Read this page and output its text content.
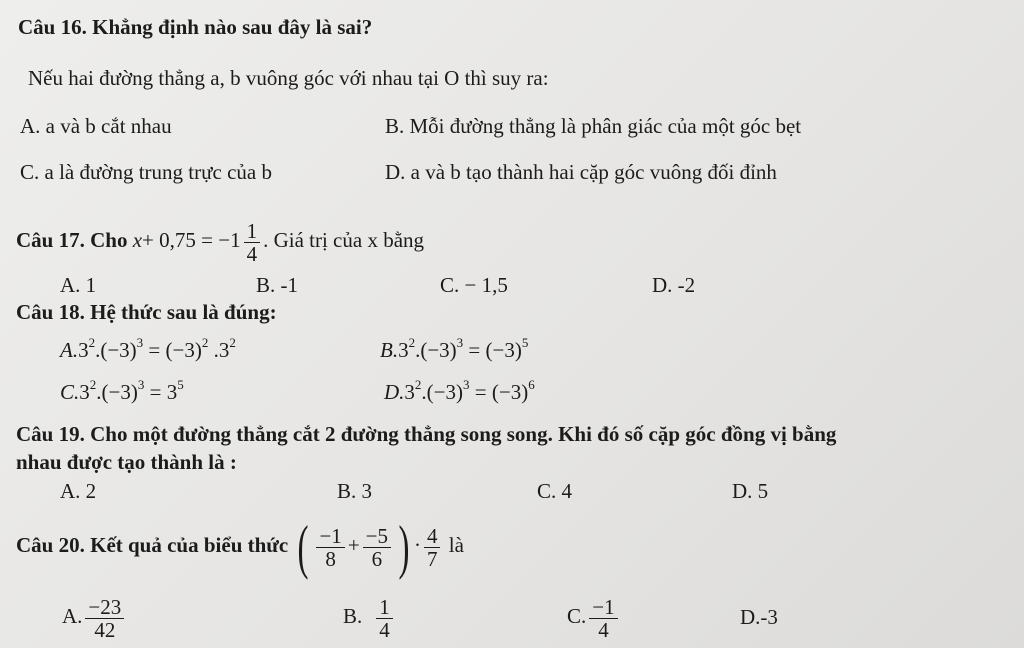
Câu 16. Khẳng định nào sau đây là sai?
Nếu hai đường thẳng a, b vuông góc với nhau tại O thì suy ra:
A. a và b cắt nhau	B. Mỗi đường thẳng là phân giác của một góc bẹt
C. a là đường trung trực của b	D. a và b tạo thành hai cặp góc vuông đối đỉnh
Câu 17. Cho $x+ 0,75 = -1 \frac{1}{4}$ . Giá trị của x bằng
A. 1	B. -1	C. − 1,5	D. -2
Câu 18. Hệ thức sau là đúng:
$A.3^2.(-3)^3 = (-3)^2$ $.3^2$	$B.3^2.(-3)^3 = (-3)^5$
$C.3^2.(-3)^3 = 3^5$	$D.3^2.(-3)^3 = (-3)^6$
Câu 19. Cho một đường thẳng cắt 2 đường thẳng song song. Khi đó số cặp góc đồng vị bằng
nhau được tạo thành là :
A. 2	B. 3	C. 4	D. 5
Câu 20. Kết quả của biểu thức ( $\frac{-1}{8} + \frac{-5}{6}$ ) · $\frac{4}{7}$ là
A. $\frac{-23}{42}$	B. $\frac{1}{4}$	C. $\frac{-1}{4}$	D.-3
